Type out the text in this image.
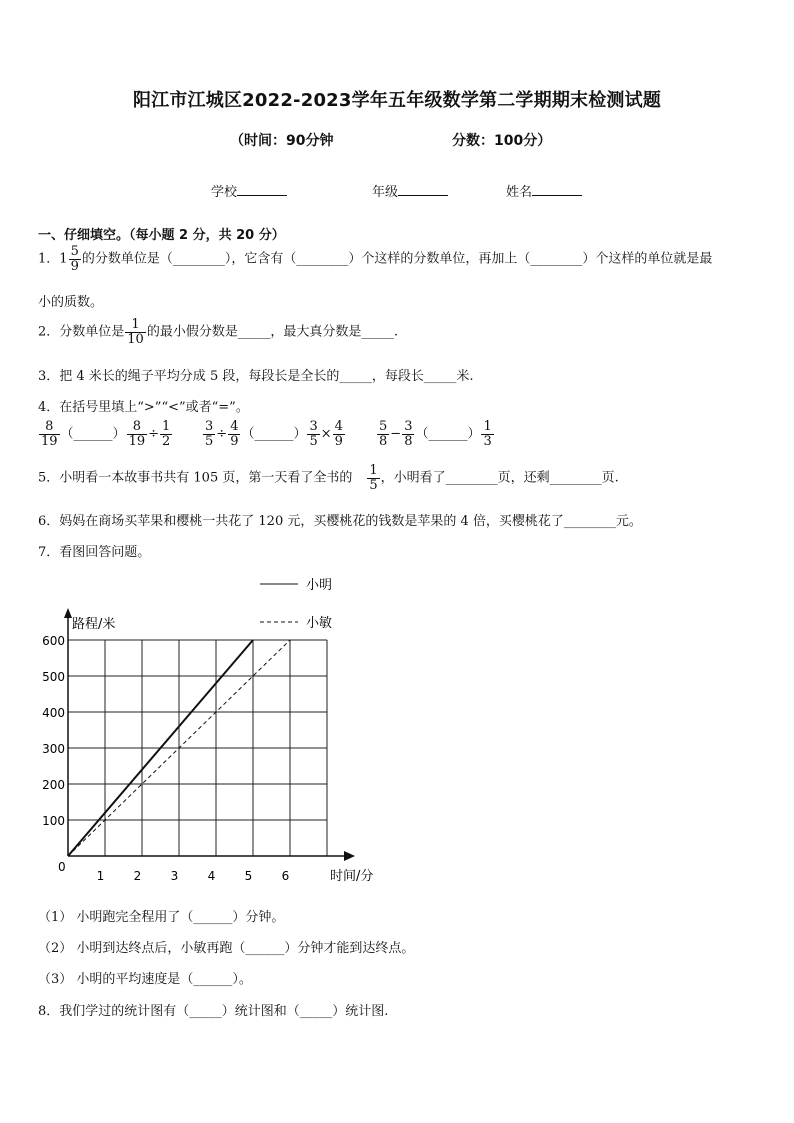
阳江市江城区2022-2023学年五年级数学第二学期期末检测试题
（时间：90分钟	分数：100分）
学校	年级	姓名
一、仔细填空。（每小题 2 分，共 20 分）
1．$1 \frac{5}{9}$ 的分数单位是（________），它含有（________）个这样的分数单位，再加上（________）个这样的单位就是最
小的质数。
2．分数单位是 $\frac{1}{10}$ 的最小假分数是_____，最大真分数是_____.
3．把 4 米长的绳子平均分成 5 段，每段长是全长的_____，每段长_____米.
4．在括号里填上“>”“<”或者“=”。
$\frac{8}{19}$ （______） $\frac{8}{19} \div \frac{1}{2} \frac{3}{5} \div \frac{4}{9}$ （______） $\frac{3}{5} \times \frac{4}{9} \frac{5}{8} - \frac{3}{8}$ （______） $\frac{1}{3}$
5．小明看一本故事书共有 105 页，第一天看了全书的 $\frac{1}{5}$ ，小明看了________页，还剩________页.
6．妈妈在商场买苹果和樱桃一共花了 120 元，买樱桃花的钱数是苹果的 4 倍，买樱桃花了________元。
7．看图回答问题。
1 2 3 4 5 6
100
200
300
400
500
600
小明
小敏
路程/米
时间/分
0
（1） 小明跑完全程用了（______）分钟。
（2） 小明到达终点后，小敏再跑（______）分钟才能到达终点。
（3） 小明的平均速度是（______）。
8．我们学过的统计图有（_____）统计图和（_____）统计图.
